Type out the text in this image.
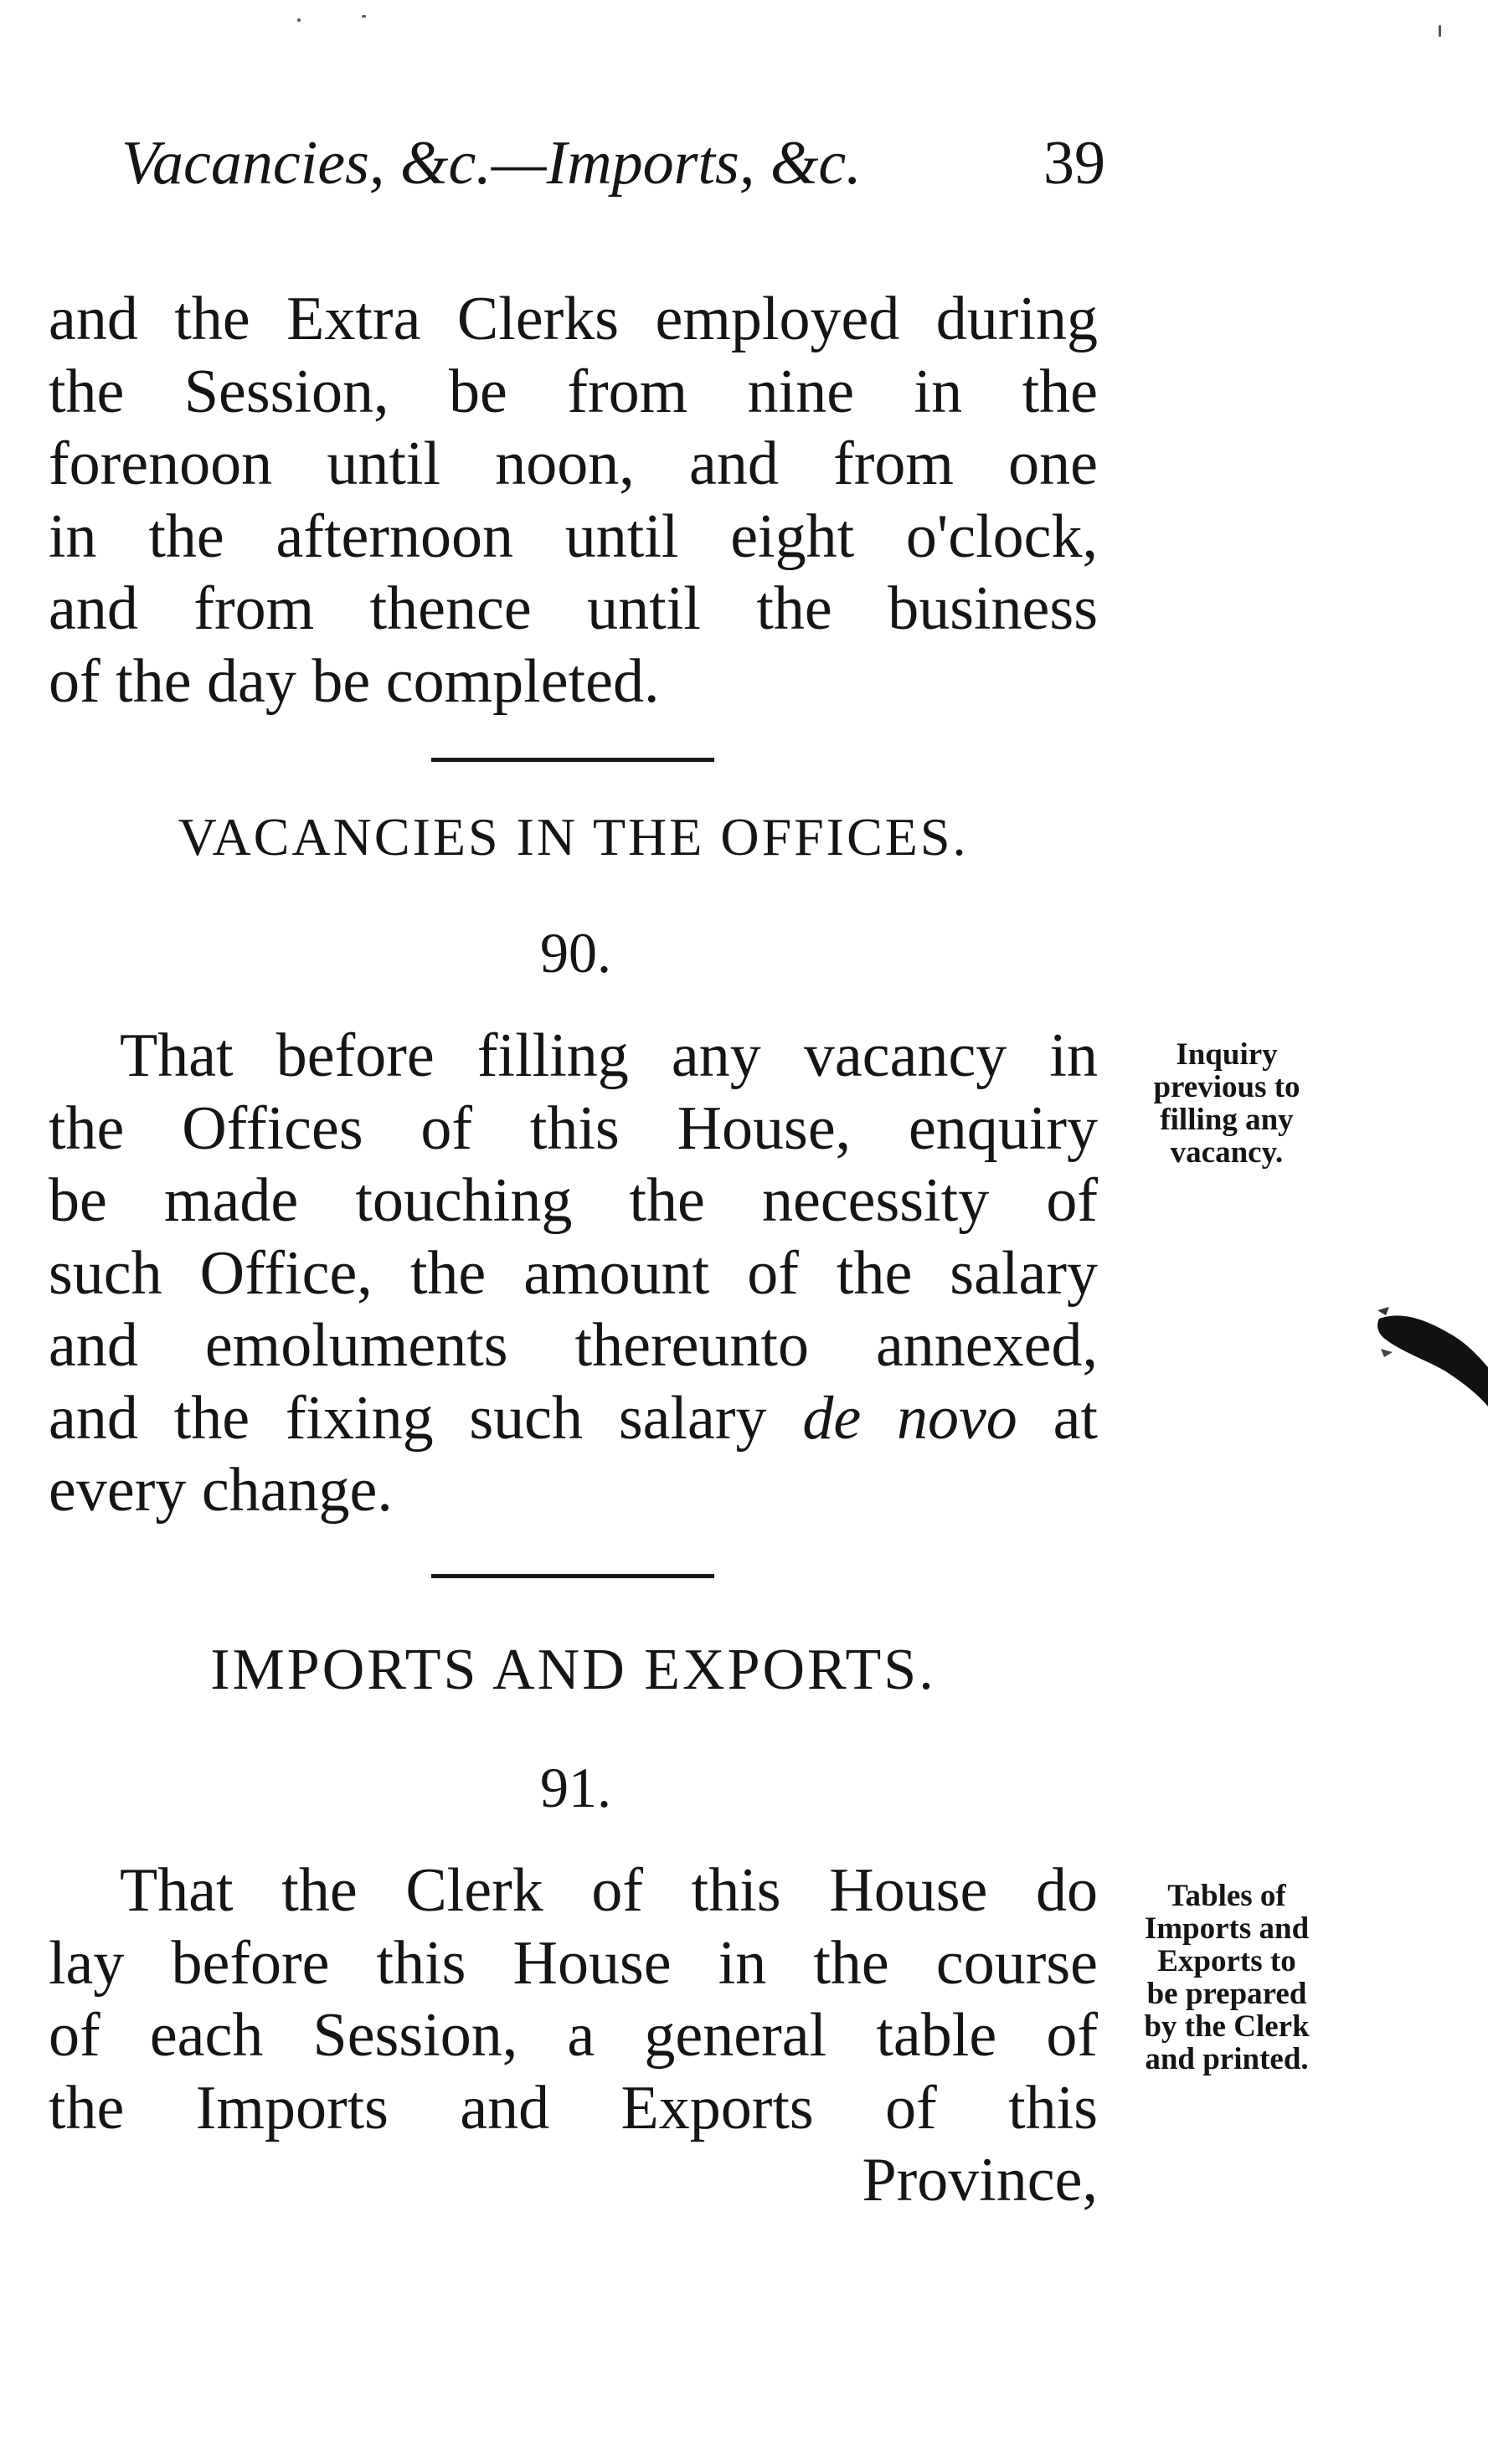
Vacancies, &c.—Imports, &c.	39
and the Extra Clerks employed during
the Session, be from nine in the
forenoon until noon, and from one
in the afternoon until eight o'clock,
and from thence until the business
of the day be completed.
VACANCIES IN THE OFFICES.
90.
That before filling any vacancy in
the Offices of this House, enquiry
be made touching the necessity of
such Office, the amount of the salary
and emoluments thereunto annexed,
and the fixing such salary de novo at
every change.
Inquiry
previous to
filling any
vacancy.
IMPORTS AND EXPORTS.
91.
That the Clerk of this House do
lay before this House in the course
of each Session, a general table of
the Imports and Exports of this
Province,
Tables of
Imports and
Exports to
be prepared
by the Clerk
and printed.
